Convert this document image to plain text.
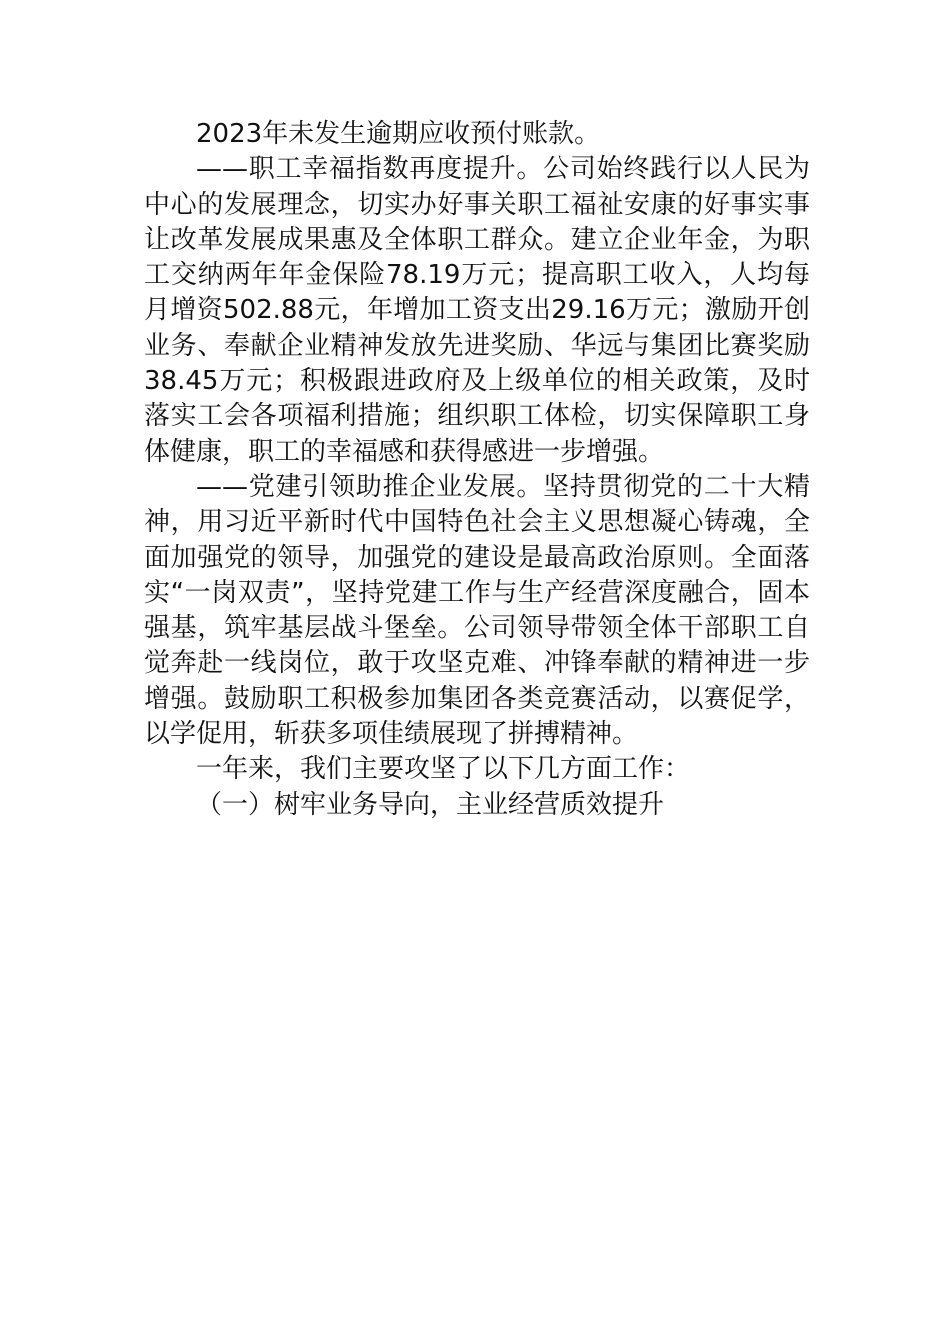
2023年未发生逾期应收预付账款。

——职工幸福指数再度提升。公司始终践行以人民为中心的发展理念，切实办好事关职工福祉安康的好事实事让改革发展成果惠及全体职工群众。建立企业年金，为职工交纳两年年金保险78.19万元；提高职工收入，人均每月增资502.88元，年增加工资支出29.16万元；激励开创业务、奉献企业精神发放先进奖励、华远与集团比赛奖励38.45万元；积极跟进政府及上级单位的相关政策，及时落实工会各项福利措施；组织职工体检，切实保障职工身体健康，职工的幸福感和获得感进一步增强。

——党建引领助推企业发展。坚持贯彻党的二十大精神，用习近平新时代中国特色社会主义思想凝心铸魂，全面加强党的领导，加强党的建设是最高政治原则。全面落实“一岗双责”，坚持党建工作与生产经营深度融合，固本强基，筑牢基层战斗堡垒。公司领导带领全体干部职工自觉奔赴一线岗位，敢于攻坚克难、冲锋奉献的精神进一步增强。鼓励职工积极参加集团各类竞赛活动，以赛促学，以学促用，斩获多项佳绩展现了拼搏精神。

一年来，我们主要攻坚了以下几方面工作：

（一）树牢业务导向，主业经营质效提升
